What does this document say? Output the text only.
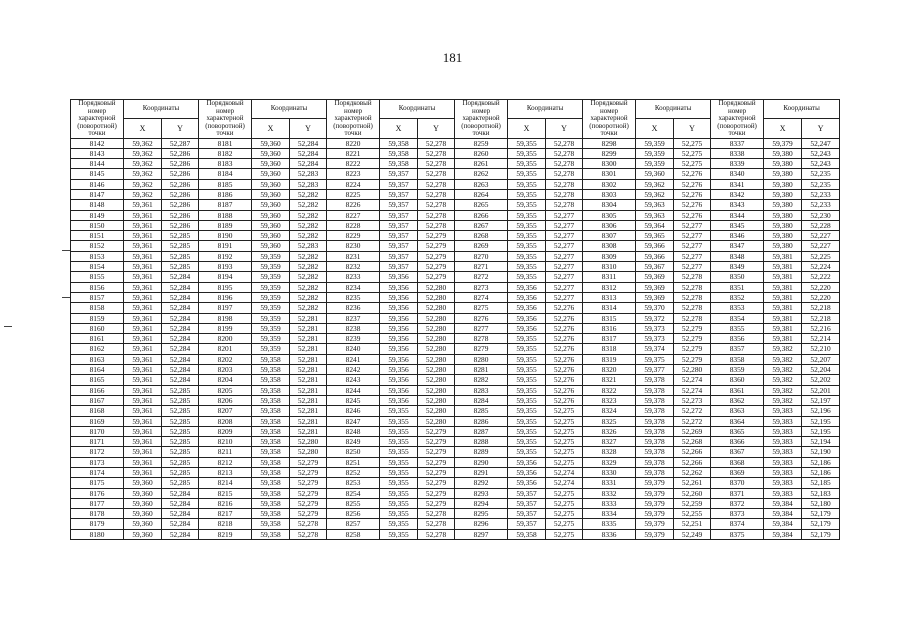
181
Порядковый номер характерной (поворотной) точки	Координаты		Порядковый номер характерной (поворотной) точки	Координаты		Порядковый номер характерной (поворотной) точки	Координаты		Порядковый номер характерной (поворотной) точки	Координаты		Порядковый номер характерной (поворотной) точки	Координаты		Порядковый номер характерной (поворотной) точки	Координаты	
	X	Y		X	Y		X	Y		X	Y		X	Y		X	Y
8142	59,362	52,287	8181	59,360	52,284	8220	59,358	52,278	8259	59,355	52,278	8298	59,359	52,275	8337	59,379	52,247
8143	59,362	52,286	8182	59,360	52,284	8221	59,358	52,278	8260	59,355	52,278	8299	59,359	52,275	8338	59,380	52,243
8144	59,362	52,286	8183	59,360	52,284	8222	59,358	52,278	8261	59,355	52,278	8300	59,359	52,275	8339	59,380	52,243
8145	59,362	52,286	8184	59,360	52,283	8223	59,357	52,278	8262	59,355	52,278	8301	59,360	52,276	8340	59,380	52,235
8146	59,362	52,286	8185	59,360	52,283	8224	59,357	52,278	8263	59,355	52,278	8302	59,362	52,276	8341	59,380	52,235
8147	59,362	52,286	8186	59,360	52,282	8225	59,357	52,278	8264	59,355	52,278	8303	59,362	52,276	8342	59,380	52,233
8148	59,361	52,286	8187	59,360	52,282	8226	59,357	52,278	8265	59,355	52,278	8304	59,363	52,276	8343	59,380	52,233
8149	59,361	52,286	8188	59,360	52,282	8227	59,357	52,278	8266	59,355	52,277	8305	59,363	52,276	8344	59,380	52,230
8150	59,361	52,286	8189	59,360	52,282	8228	59,357	52,278	8267	59,355	52,277	8306	59,364	52,277	8345	59,380	52,228
8151	59,361	52,285	8190	59,360	52,282	8229	59,357	52,279	8268	59,355	52,277	8307	59,365	52,277	8346	59,380	52,227
8152	59,361	52,285	8191	59,360	52,283	8230	59,357	52,279	8269	59,355	52,277	8308	59,366	52,277	8347	59,380	52,227
8153	59,361	52,285	8192	59,359	52,282	8231	59,357	52,279	8270	59,355	52,277	8309	59,366	52,277	8348	59,381	52,225
8154	59,361	52,285	8193	59,359	52,282	8232	59,357	52,279	8271	59,355	52,277	8310	59,367	52,277	8349	59,381	52,224
8155	59,361	52,284	8194	59,359	52,282	8233	59,356	52,279	8272	59,355	52,277	8311	59,369	52,278	8350	59,381	52,222
8156	59,361	52,284	8195	59,359	52,282	8234	59,356	52,280	8273	59,356	52,277	8312	59,369	52,278	8351	59,381	52,220
8157	59,361	52,284	8196	59,359	52,282	8235	59,356	52,280	8274	59,356	52,277	8313	59,369	52,278	8352	59,381	52,220
8158	59,361	52,284	8197	59,359	52,282	8236	59,356	52,280	8275	59,356	52,276	8314	59,370	52,278	8353	59,381	52,218
8159	59,361	52,284	8198	59,359	52,281	8237	59,356	52,280	8276	59,356	52,276	8315	59,372	52,278	8354	59,381	52,218
8160	59,361	52,284	8199	59,359	52,281	8238	59,356	52,280	8277	59,356	52,276	8316	59,373	52,279	8355	59,381	52,216
8161	59,361	52,284	8200	59,359	52,281	8239	59,356	52,280	8278	59,355	52,276	8317	59,373	52,279	8356	59,381	52,214
8162	59,361	52,284	8201	59,359	52,281	8240	59,356	52,280	8279	59,355	52,276	8318	59,374	52,279	8357	59,382	52,210
8163	59,361	52,284	8202	59,358	52,281	8241	59,356	52,280	8280	59,355	52,276	8319	59,375	52,279	8358	59,382	52,207
8164	59,361	52,284	8203	59,358	52,281	8242	59,356	52,280	8281	59,355	52,276	8320	59,377	52,280	8359	59,382	52,204
8165	59,361	52,284	8204	59,358	52,281	8243	59,356	52,280	8282	59,355	52,276	8321	59,378	52,274	8360	59,382	52,202
8166	59,361	52,285	8205	59,358	52,281	8244	59,356	52,280	8283	59,355	52,276	8322	59,378	52,274	8361	59,382	52,201
8167	59,361	52,285	8206	59,358	52,281	8245	59,356	52,280	8284	59,355	52,276	8323	59,378	52,273	8362	59,382	52,197
8168	59,361	52,285	8207	59,358	52,281	8246	59,355	52,280	8285	59,355	52,275	8324	59,378	52,272	8363	59,383	52,196
8169	59,361	52,285	8208	59,358	52,281	8247	59,355	52,280	8286	59,355	52,275	8325	59,378	52,272	8364	59,383	52,195
8170	59,361	52,285	8209	59,358	52,281	8248	59,355	52,279	8287	59,355	52,275	8326	59,378	52,269	8365	59,383	52,195
8171	59,361	52,285	8210	59,358	52,280	8249	59,355	52,279	8288	59,355	52,275	8327	59,378	52,268	8366	59,383	52,194
8172	59,361	52,285	8211	59,358	52,280	8250	59,355	52,279	8289	59,355	52,275	8328	59,378	52,266	8367	59,383	52,190
8173	59,361	52,285	8212	59,358	52,279	8251	59,355	52,279	8290	59,356	52,275	8329	59,378	52,266	8368	59,383	52,186
8174	59,361	52,285	8213	59,358	52,279	8252	59,355	52,279	8291	59,356	52,274	8330	59,378	52,262	8369	59,383	52,186
8175	59,360	52,285	8214	59,358	52,279	8253	59,355	52,279	8292	59,356	52,274	8331	59,379	52,261	8370	59,383	52,185
8176	59,360	52,284	8215	59,358	52,279	8254	59,355	52,279	8293	59,357	52,275	8332	59,379	52,260	8371	59,383	52,183
8177	59,360	52,284	8216	59,358	52,279	8255	59,355	52,279	8294	59,357	52,275	8333	59,379	52,259	8372	59,384	52,180
8178	59,360	52,284	8217	59,358	52,279	8256	59,355	52,278	8295	59,357	52,275	8334	59,379	52,255	8373	59,384	52,179
8179	59,360	52,284	8218	59,358	52,278	8257	59,355	52,278	8296	59,357	52,275	8335	59,379	52,251	8374	59,384	52,179
8180	59,360	52,284	8219	59,358	52,278	8258	59,355	52,278	8297	59,358	52,275	8336	59,379	52,249	8375	59,384	52,179
